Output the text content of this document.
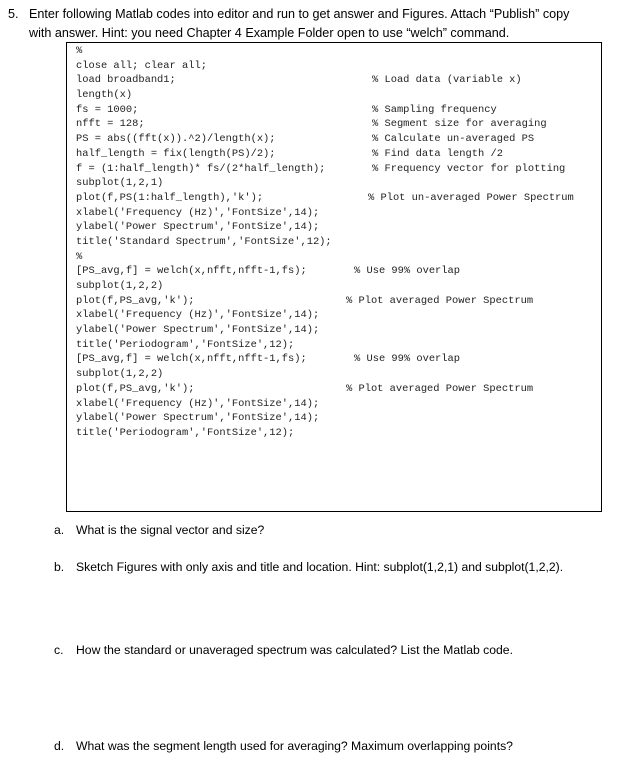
5. Enter following Matlab codes into editor and run to get answer and Figures. Attach “Publish” copy
with answer. Hint: you need Chapter 4 Example Folder open to use “welch” command.
%
close all; clear all;
load broadband1;	% Load data (variable x)
length(x)
fs = 1000;	% Sampling frequency
nfft = 128;	% Segment size for averaging
PS = abs((fft(x)).^2)/length(x);	% Calculate un-averaged PS
half_length = fix(length(PS)/2);	% Find data length /2
f = (1:half_length)* fs/(2*half_length);	% Frequency vector for plotting
subplot(1,2,1)
plot(f,PS(1:half_length),'k');	% Plot un-averaged Power Spectrum
xlabel('Frequency (Hz)','FontSize',14);
ylabel('Power Spectrum','FontSize',14);
title('Standard Spectrum','FontSize',12);
%
[PS_avg,f] = welch(x,nfft,nfft-1,fs);	% Use 99% overlap
subplot(1,2,2)
plot(f,PS_avg,'k');	% Plot averaged Power Spectrum
xlabel('Frequency (Hz)','FontSize',14);
ylabel('Power Spectrum','FontSize',14);
title('Periodogram','FontSize',12);
[PS_avg,f] = welch(x,nfft,nfft-1,fs);	% Use 99% overlap
subplot(1,2,2)
plot(f,PS_avg,'k');	% Plot averaged Power Spectrum
xlabel('Frequency (Hz)','FontSize',14);
ylabel('Power Spectrum','FontSize',14);
title('Periodogram','FontSize',12);
a. What is the signal vector and size?
b. Sketch Figures with only axis and title and location. Hint: subplot(1,2,1) and subplot(1,2,2).
c. How the standard or unaveraged spectrum was calculated? List the Matlab code.
d. What was the segment length used for averaging? Maximum overlapping points?
